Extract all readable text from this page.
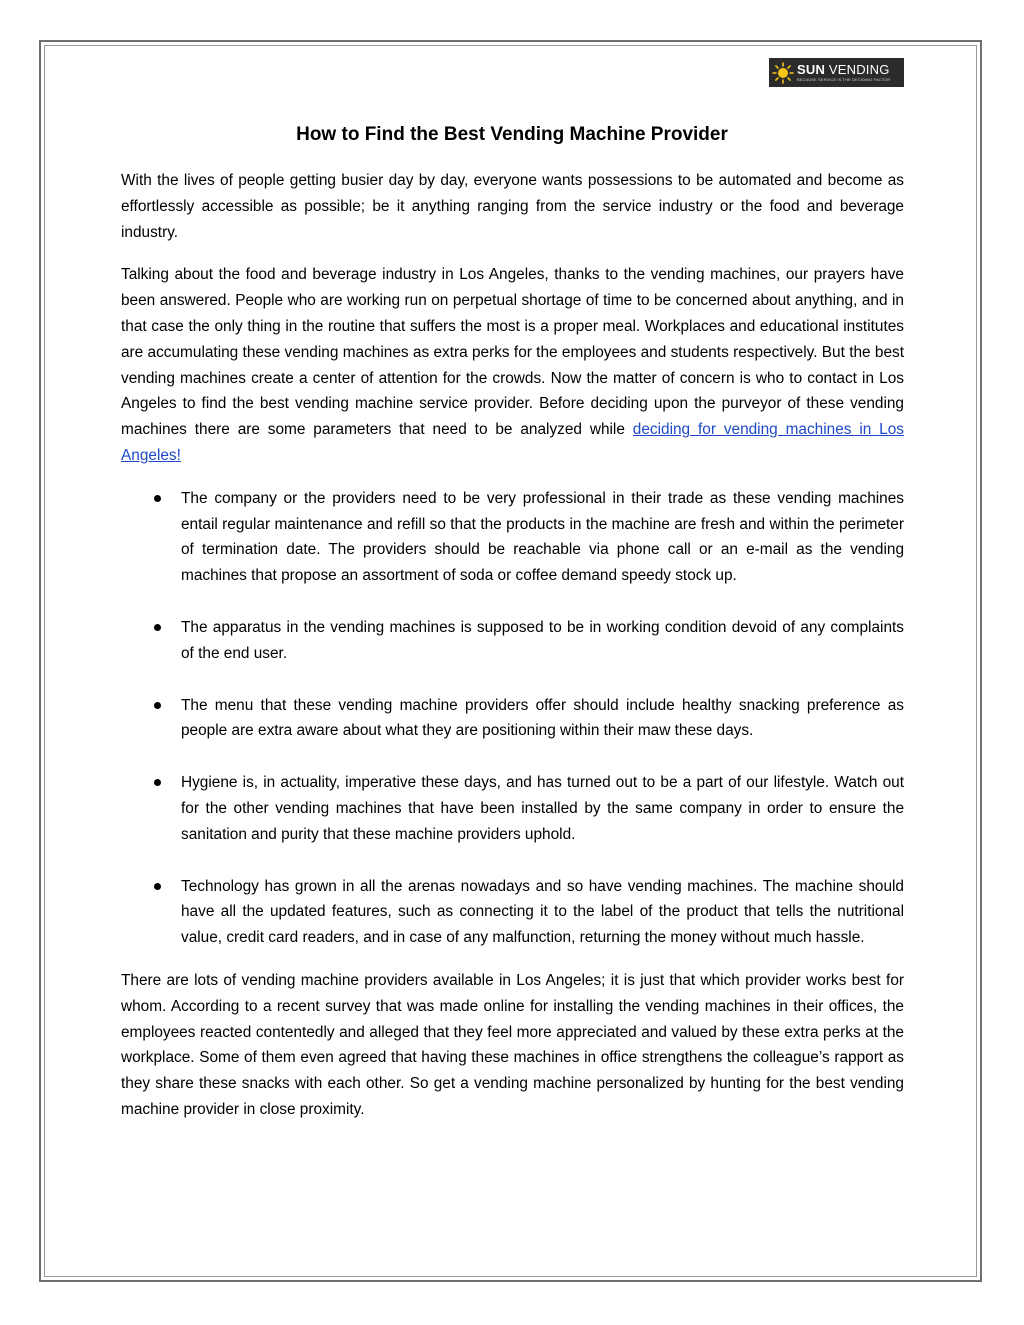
SUN VENDING
BECAUSE SERVICE IS THE DECIDING FACTOR
How to Find the Best Vending Machine Provider

With the lives of people getting busier day by day, everyone wants possessions to be automated and become as effortlessly accessible as possible; be it anything ranging from the service industry or the food and beverage industry.

Talking about the food and beverage industry in Los Angeles, thanks to the vending machines, our prayers have been answered. People who are working run on perpetual shortage of time to be concerned about anything, and in that case the only thing in the routine that suffers the most is a proper meal. Workplaces and educational institutes are accumulating these vending machines as extra perks for the employees and students respectively. But the best vending machines create a center of attention for the crowds. Now the matter of concern is who to contact in Los Angeles to find the best vending machine service provider. Before deciding upon the purveyor of these vending machines there are some parameters that need to be analyzed while deciding for vending machines in Los Angeles!

The company or the providers need to be very professional in their trade as these vending machines entail regular maintenance and refill so that the products in the machine are fresh and within the perimeter of termination date. The providers should be reachable via phone call or an e-mail as the vending machines that propose an assortment of soda or coffee demand speedy stock up.
The apparatus in the vending machines is supposed to be in working condition devoid of any complaints of the end user.
The menu that these vending machine providers offer should include healthy snacking preference as people are extra aware about what they are positioning within their maw these days.
Hygiene is, in actuality, imperative these days, and has turned out to be a part of our lifestyle. Watch out for the other vending machines that have been installed by the same company in order to ensure the sanitation and purity that these machine providers uphold.
Technology has grown in all the arenas nowadays and so have vending machines. The machine should have all the updated features, such as connecting it to the label of the product that tells the nutritional value, credit card readers, and in case of any malfunction, returning the money without much hassle.

There are lots of vending machine providers available in Los Angeles; it is just that which provider works best for whom. According to a recent survey that was made online for installing the vending machines in their offices, the employees reacted contentedly and alleged that they feel more appreciated and valued by these extra perks at the workplace. Some of them even agreed that having these machines in office strengthens the colleague’s rapport as they share these snacks with each other. So get a vending machine personalized by hunting for the best vending machine provider in close proximity.
